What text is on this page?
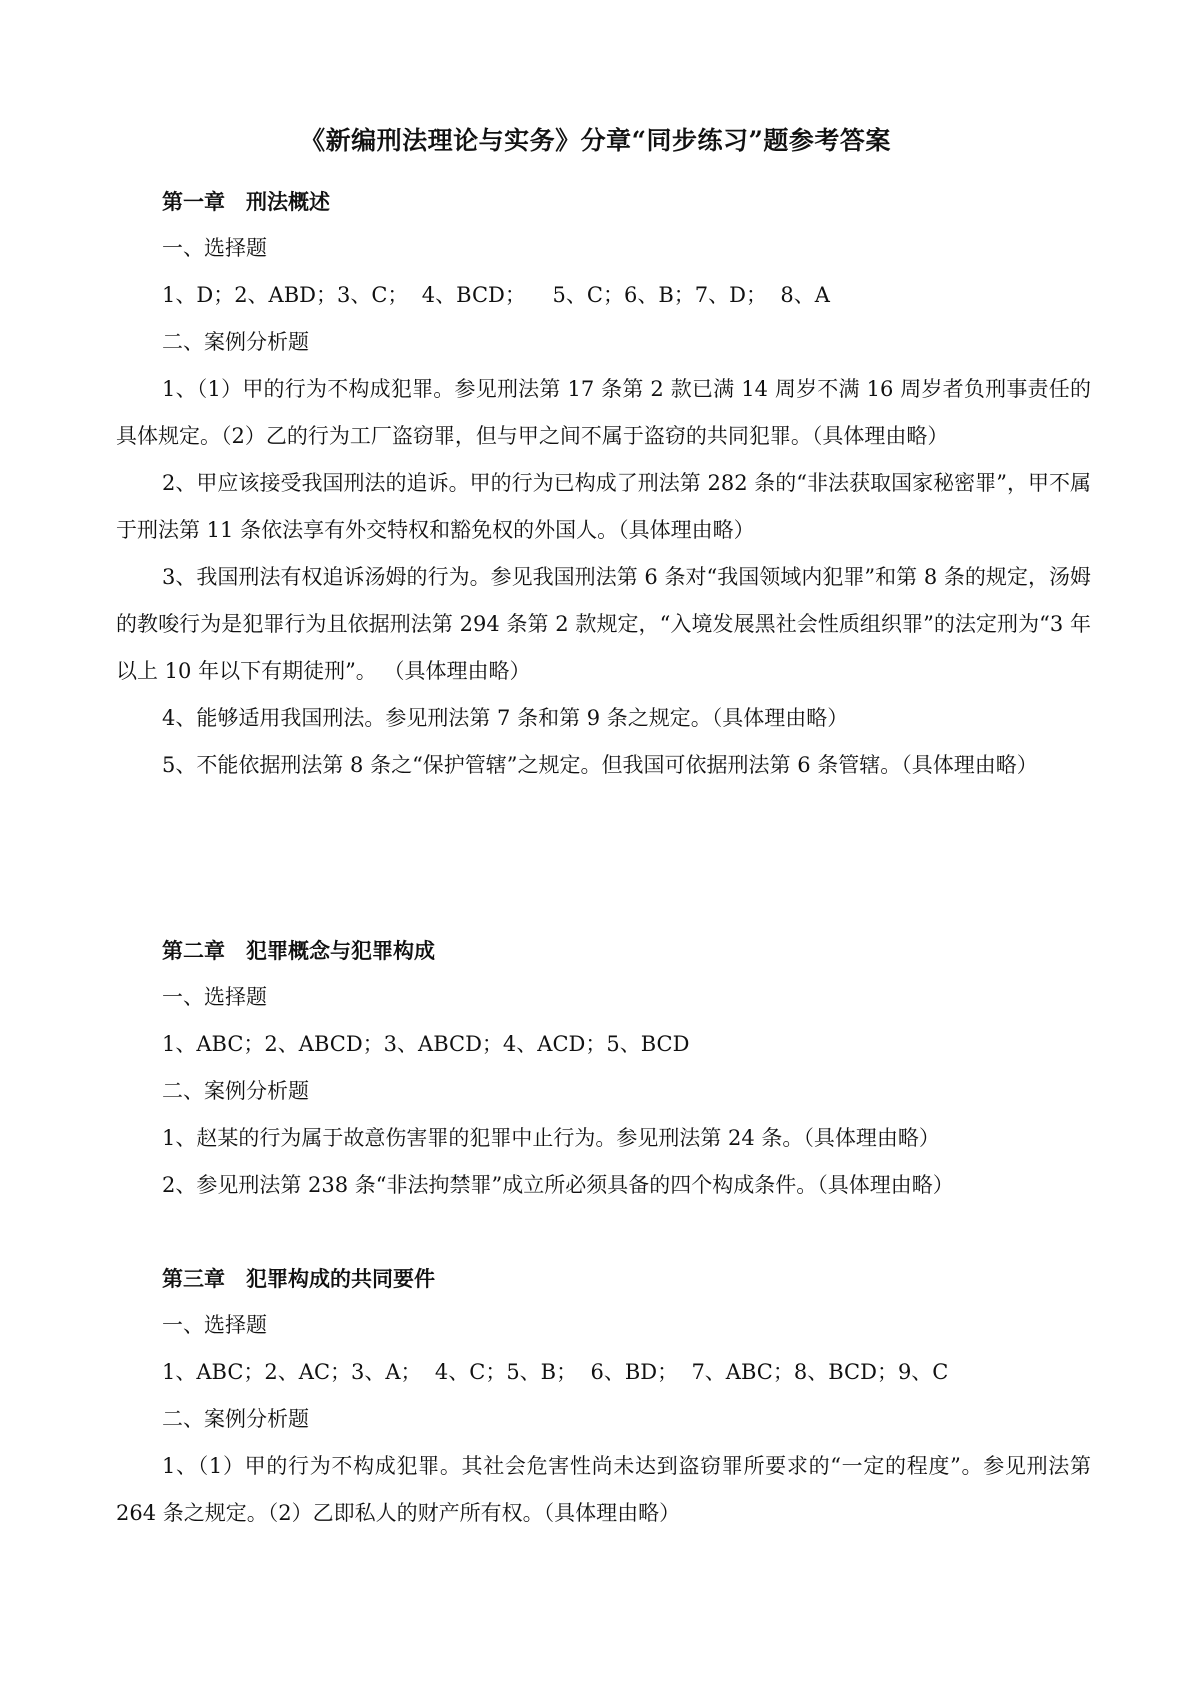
《新编刑法理论与实务》分章“同步练习”题参考答案
第一章　刑法概述

一、选择题

1、D；2、ABD；3、C；  4、BCD；    5、C；6、B；7、D；  8、A

二、案例分析题

1、（1）甲的行为不构成犯罪。参见刑法第 17 条第 2 款已满 14 周岁不满 16 周岁者负刑事责任的具体规定。（2）乙的行为工厂盗窃罪，但与甲之间不属于盗窃的共同犯罪。（具体理由略）
2、甲应该接受我国刑法的追诉。甲的行为已构成了刑法第 282 条的“非法获取国家秘密罪”，甲不属于刑法第 11 条依法享有外交特权和豁免权的外国人。（具体理由略）
3、我国刑法有权追诉汤姆的行为。参见我国刑法第 6 条对“我国领域内犯罪”和第 8 条的规定，汤姆的教唆行为是犯罪行为且依据刑法第 294 条第 2 款规定，“入境发展黑社会性质组织罪”的法定刑为“3 年以上 10 年以下有期徒刑”。 （具体理由略）
4、能够适用我国刑法。参见刑法第 7 条和第 9 条之规定。（具体理由略）
5、不能依据刑法第 8 条之“保护管辖”之规定。但我国可依据刑法第 6 条管辖。（具体理由略）
第二章　犯罪概念与犯罪构成

一、选择题

1、ABC；2、ABCD；3、ABCD；4、ACD；5、BCD

二、案例分析题

1、赵某的行为属于故意伤害罪的犯罪中止行为。参见刑法第 24 条。（具体理由略）
2、参见刑法第 238 条“非法拘禁罪”成立所必须具备的四个构成条件。（具体理由略）
第三章　犯罪构成的共同要件

一、选择题

1、ABC；2、AC；3、A；  4、C；5、B；  6、BD；  7、ABC；8、BCD；9、C

二、案例分析题

1、（1）甲的行为不构成犯罪。其社会危害性尚未达到盗窃罪所要求的“一定的程度”。参见刑法第 264 条之规定。（2）乙即私人的财产所有权。（具体理由略）
